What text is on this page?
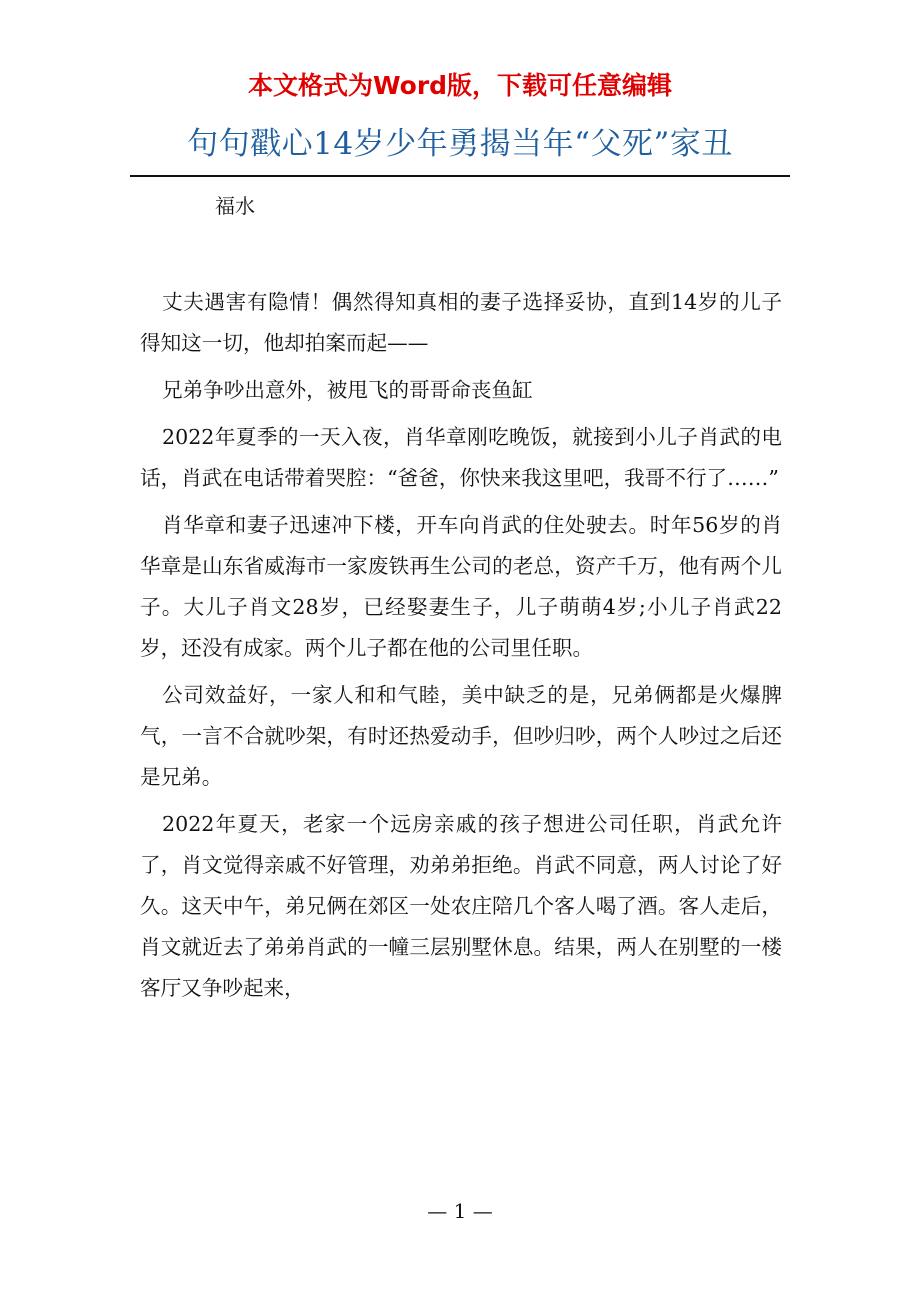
本文格式为Word版，下载可任意编辑
句句戳心14岁少年勇揭当年“父死”家丑
福水

丈夫遇害有隐情！偶然得知真相的妻子选择妥协，直到14岁的儿子得知这一切，他却拍案而起——

兄弟争吵出意外，被甩飞的哥哥命丧鱼缸

2022年夏季的一天入夜，肖华章刚吃晚饭，就接到小儿子肖武的电话，肖武在电话带着哭腔：“爸爸，你快来我这里吧，我哥不行了……”

肖华章和妻子迅速冲下楼，开车向肖武的住处驶去。时年56岁的肖华章是山东省威海市一家废铁再生公司的老总，资产千万，他有两个儿子。大儿子肖文28岁，已经娶妻生子，儿子萌萌4岁;小儿子肖武22岁，还没有成家。两个儿子都在他的公司里任职。

公司效益好，一家人和和气睦，美中缺乏的是，兄弟俩都是火爆脾气，一言不合就吵架，有时还热爱动手，但吵归吵，两个人吵过之后还是兄弟。

2022年夏天，老家一个远房亲戚的孩子想进公司任职，肖武允许了，肖文觉得亲戚不好管理，劝弟弟拒绝。肖武不同意，两人讨论了好久。这天中午，弟兄俩在郊区一处农庄陪几个客人喝了酒。客人走后，肖文就近去了弟弟肖武的一幢三层别墅休息。结果，两人在别墅的一楼客厅又争吵起来，

— 1 —
